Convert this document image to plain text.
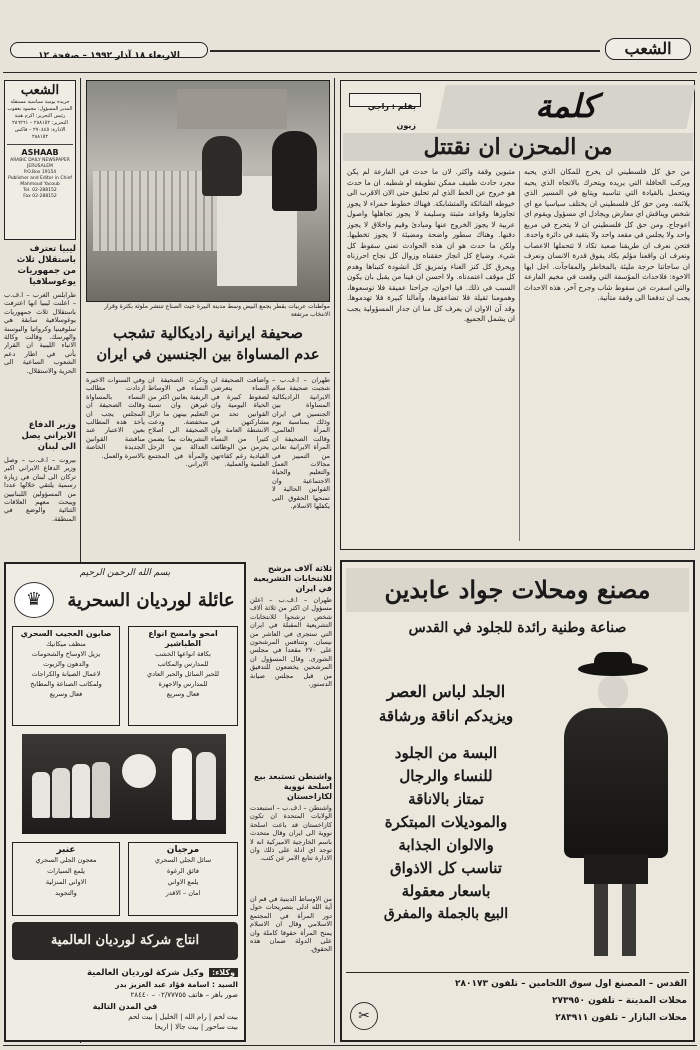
الاربعاء ١٨ آذار ١٩٩٢ – صفحة ١٢	الشعب
كلمة
بقلم : راجي زيون
من المحزن ان نقتتل
من حق كل فلسطيني ان يخرج للمكان الذي يحبه ويركب الحافلة التي يريده ويتحرك بالاتجاه الذي يحبه ويتحمل بالقيادة التي تناسبه ويتابع في المسير الذي يلائمه. ومن حق كل فلسطيني ان يختلف سياسيا مع اي شخص ويناقش اي معارض ويجادل اي مسؤول ويقوم اي اعوجاج. ومن حق كل فلسطيني ان لا يتحرج في مربع واحد ولا يجلس في مقعد واحد ولا يتقيد في دائرة واحدة. فتحن نعرف ان طريقنا صعبة تكاد لا تتحملها الاعصاب ونعرف ان واقعنا مؤلم يكاد يفوق قدرة الانسان ونعرف ان ساحاتنا حرجة مليئة بالمخاطر والمفاجآت. اجل ايها الاخوة: فلاحداث المؤسفة التي وقعت في مخيم الفارعة والتي اسفرت عن سقوط شاب وجرح آخر، هذه الاحداث يجب ان تدفعنا الى وقفة متأنية.
متبوين وقفة واكثر. لان ما حدث في الفارعة لم يكن مجرد حادث طفيف ممكن تطويقه او شطبه. ان ما حدث هو خروج عن الخط الذي لم تحليق حتى الان الاقرب الى خيوطه الشائكة والمتشابكة. فهناك خطوط حمراء لا يجوز تجاوزها وقواعد مثبتة وسليمة لا يجوز تجاهلها واصول عربية لا يجوز الخروج عنها ومبادئ وقيم واخلاق لا يجوز دفنها. وهناك سطور واضحة ومضيئة لا يجوز تخطيها. ولكن ما حدث هو ان هذه الحوادث تعني سقوط كل شيء. وضياع كل انجاز حققناه وزوال كل نجاح احرزناه ويحرق كل كنز الغناء وتمزيق كل انشودة كتبناها وهدم كل موقف اعتمدناه. ولا احسن ان فينا من يقبل بان يكون السبب في ذلك. فيا اخوان، جراحنا عميقة فلا توسعوها، وهمومنا ثقيلة فلا تضاعفوها، وآمالنا كبيرة فلا تهدموها. وقد آن الاوان ان يعرف كل منا ان جدار المسؤولية يجب ان يشمل الجميع.
مواطنات عربيات بقطر بجمع البيض وسط مدينة البيرة حيث الصناع تنتشر ملوثة بكثرة وقرار الانتخاب مرتفعة
صحيفة ايرانية راديكالية تشجب
عدم المساواة بين الجنسين في ايران
طهران – ا.ف.ب – شجبت صحيفة سلام الايرانية الراديكالية المساواة بين الجنسين في ايران وذلك بمناسبة يوم المرأة العالمي. وقالت الصحيفة ان المرأة الايرانية تعاني من التمييز في مجالات العمل والتعليم والحياة الاجتماعية وان القوانين الحالية لا تمنحها الحقوق التي يكفلها الاسلام.
واضافت الصحيفة ان النساء يتعرضن لضغوط كبيرة في الحياة اليومية وان القوانين تحد من مشاركتهن في الانشطة العامة وان كثيرا من النساء يحرمن من الوظائف القيادية رغم كفاءتهن العلمية والعملية.
وذكرت الصحيفة ان النساء في الاوساط الريفية يعانين اكثر من غيرهن وان نسبة التعليم بينهن ما تزال منخفضة. ودعت الصحيفة الى اصلاح التشريعات بما يضمن العدالة بين الرجل والمرأة في المجتمع الايراني.
وفي السنوات الاخيرة ازدادت مطالب النساء بالمساواة وقالت الصحيفة ان المجلس يجب ان يأخذ هذه المطالب بعين الاعتبار عند مناقشة القوانين الجديدة الخاصة بالاسرة والعمل.
ثلاثة آلاف مرشح للانتخابات التشريعية في ايران
طهران – ا.ف.ب – اعلن مسؤول ان اكثر من ثلاثة آلاف شخص ترشحوا للانتخابات التشريعية المقبلة في ايران التي ستجرى في العاشر من نيسان. وتتنافس المرشحون على ٢٧٠ مقعدا في مجلس الشورى. وقال المسؤول ان المرشحين يخضعون للتدقيق من قبل مجلس صيانة الدستور.
واشنطن تستبعد بيع اسلحة نووية لكازاخستان
واشنطن – ا.ف.ب – استبعدت الولايات المتحدة ان تكون كازاخستان قد باعت اسلحة نووية الى ايران وقال متحدث باسم الخارجية الاميركية انه لا توجد اي ادلة على ذلك وان الادارة تتابع الامر عن كثب.
من الاوساط الدينية في قم ان آية الله ادلى بتصريحات حول دور المرأة في المجتمع الاسلامي وقال ان الاسلام يمنح المرأة حقوقا كاملة وان على الدولة ضمان هذه الحقوق.
الشعب
جريدة يومية سياسية مستقلة
المدير المسؤول: محمود يعقوب
رئيس التحرير: اكرم هنية
التحرير: ٢٨٨١٥٢ – ٢٨٦٢٦١
الادارة: ٢٧٠٤٤٥ – فاكس ٢٨٨١٥٢
ASHAAB
ARABIC DAILY NEWSPAPER
JERUSALEM
P.O.Box 19154
Publisher and Editor in Chief
Mahmoud Yacoub
Tel. 02-288152
Fax 02-288152
ليبيا تعترف باستقلال ثلاث من جمهوريات يوغوسلافيا
طرابلس الغرب – ا.ف.ب – اعلنت ليبيا انها اعترفت باستقلال ثلاث جمهوريات يوغوسلافية سابقة هي سلوفينيا وكرواتيا والبوسنة والهرسك. وقالت وكالة الانباء الليبية ان القرار يأتي في اطار دعم الشعوب الساعية الى الحرية والاستقلال.
وزير الدفاع الايراني يصل الى لبنان
بيروت – ا.ف.ب – وصل وزير الدفاع الايراني اكبر تركان الى لبنان في زيارة رسمية يلتقي خلالها عددا من المسؤولين اللبنانيين ويبحث معهم العلاقات الثنائية والوضع في المنطقة.
بسم الله الرحمن الرحيم
♛	عائلة لورديان السحرية
صابون العجيب السحري
منظف ميكانيك
يزيل الاوساخ والشحومات
والدهون والزيوت
لاعمال الصيانة والكراجات
ولمكاتب الصناعة والمطابخ
فعال وسريع
امحو وامسح انواع الطباشير
بكافة انواعها الخشب
للمدارس والمكاتب
للحبر السائل والحبر العادي
للمدارس والاجهزة
فعال وسريع
عنبر
معجون الجلي السحري
يلمع السيارات
الاواني المنزلية
والتجويد
مرجيان
سائل الجلي السحري
فائق الرغوة
يلمع الاواني
امان – الاقدر
انتاج شركة لورديان العالمية
وكلاء: وكيل شركة لورديان العالمية
السيد : اسامة فؤاد عبد العزيز بدر
صور باهر – هاتف ٠٢/٧٧٧٥٥ – ٢٨٤٤٠
في المدن التالية
بيت لحم | رام الله | الخليل | بيت لحم
بيت ساحور | بيت جالا | اريحا
مصنع ومحلات جواد عابدين
صناعة وطنية رائدة للجلود في القدس
الجلد لباس العصر
ويزيدكم اناقة ورشاقة
البسة من الجلود
للنساء والرجال
تمتاز بالاناقة
والموديلات المبتكرة
والالوان الجذابة
تناسب كل الاذواق
باسعار معقولة
البيع بالجملة والمفرق
القدس – المصنع اول سوق اللحامين – تلفون ٢٨٠١٧٣
محلات المدينة – تلفون ٢٧٣٩٥٠
محلات البازار – تلفون ٢٨٣٩١١
✂
